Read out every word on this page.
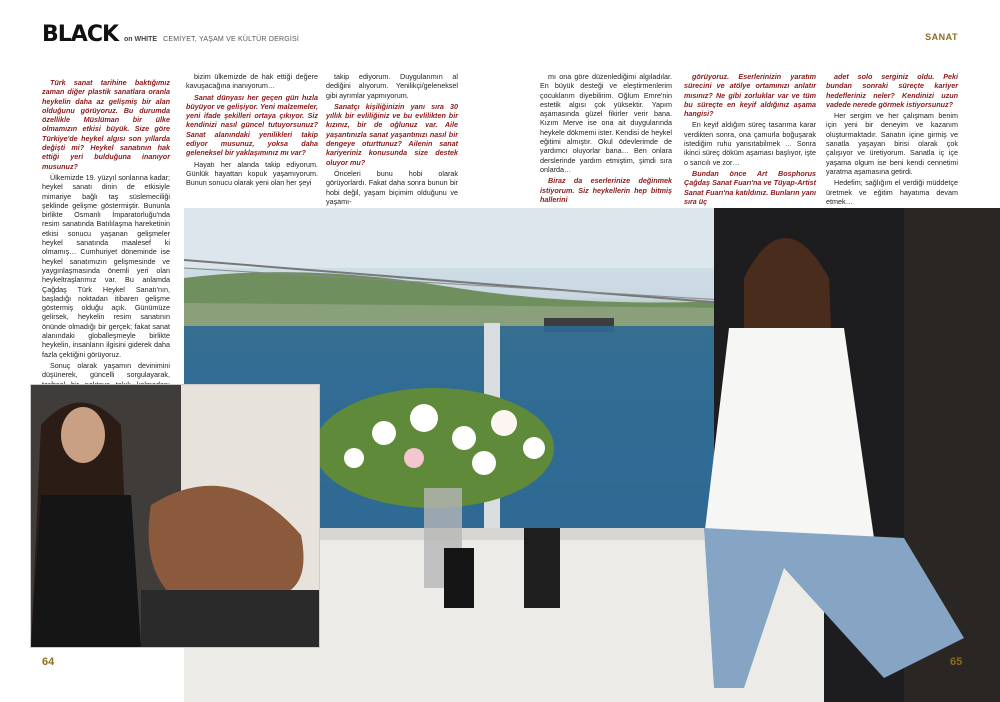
BLACK on WHITE CEMİYET, YAŞAM VE KÜLTÜR DERGİSİ	SANAT

Türk sanat tarihine baktığımız zaman diğer plastik sanatlara oranla heykelin daha az gelişmiş bir alan olduğunu görüyoruz. Bu durumda özellikle Müslüman bir ülke olmamızın etkisi büyük. Size göre Türkiye'de heykel algısı son yıllarda değişti mi? Heykel sanatının hak ettiği yeri bulduğuna inanıyor musunuz?

Ülkemizde 19. yüzyıl sonlarına kadar; heykel sanatı dinin de etkisiyle mimariye bağlı taş süslemeciliği şeklinde gelişme göstermiştir. Bununla birlikte Osmanlı İmparatorluğu'nda resim sanatında Batılılaşma hareketinin etkisi sonucu yaşanan gelişmeler heykel sanatında maalesef ki olmamış… Cumhuriyet döneminde ise heykel sanatımızın gelişmesinde ve yaygınlaşmasında önemli yeri olan heykeltraşlarımız var. Bu anlamda Çağdaş Türk Heykel Sanatı'nın, başladığı noktadan itibaren gelişme göstermiş olduğu açık. Günümüze gelirsek, heykelin resim sanatının önünde olmadığı bir gerçek; fakat sanat alanındaki globalleşmeyle birlikte heykelin, insanların ilgisini giderek daha fazla çektiğini görüyoruz.

Sonuç olarak yaşamın devinimini düşünerek, güncelli sorgulayarak,

bizim ülkemizde de hak ettiği değere kavuşacağına inanıyorum…

Sanat dünyası her geçen gün hızla büyüyor ve gelişiyor. Yeni malzemeler, yeni ifade şekilleri ortaya çıkıyor. Siz kendinizi nasıl güncel tutuyorsunuz? Sanat alanındaki yenilikleri takip ediyor musunuz, yoksa daha geleneksel bir yaklaşımınız mı var?

Hayatı her alanda takip ediyorum. Günlük hayattan kopuk yaşamıyorum. Bunun sonucu olarak yeni olan her şeyi

takip ediyorum. Duygularımın al dediğini alıyorum. Yenilikçi/geleneksel gibi ayrımlar yapmıyorum.

Sanatçı kişiliğinizin yanı sıra 30 yıllık bir evliliğiniz ve bu evlilikten bir kızınız, bir de oğlunuz var. Aile yaşantınızla sanat yaşantınızı nasıl bir dengeye oturttunuz? Ailenin sanat kariyeriniz konusunda size destek oluyor mu?

Önceleri bunu hobi olarak görüyorlardı. Fakat daha sonra bunun bir hobi değil, yaşam biçimim olduğunu ve yaşamı-

mı ona göre düzenlediğimi algıladılar. En büyük desteği ve eleştirmenlerim çocuklarım diyebilirim. Oğlum Emre'nin estetik algısı çok yüksektir. Yapım aşamasında güzel fikirler verir bana. Kızım Merve ise ona ait duygularında heykele dökmemi ister. Kendisi de heykel eğitimi almıştır. Okul ödevlerimde de yardımcı oluyorlar bana… Ben onlara derslerinde yardım etmiştim, şimdi sıra onlarda…

Biraz da eserlerinize değinmek istiyorum. Siz heykellerin hep bitmiş hallerini

görüyoruz. Eserlerinizin yaratım sürecini ve atölye ortamınızı anlatır mısınız? Ne gibi zorluklar var ve tüm bu süreçte en keyif aldığınız aşama hangisi?

En keyif aldığım süreç tasarıma karar verdikten sonra, ona çamurla boğuşarak istediğim ruhu yansıtabilmek … Sonra ikinci süreç döküm aşaması başlıyor, işte o sancılı ve zor…

Bundan önce Art Bosphorus Çağdaş Sanat Fuarı'na ve Tüyap-Artist Sanat Fuarı'na katıldınız. Bunların yanı sıra üç

adet solo serginiz oldu. Peki bundan sonraki süreçte kariyer hedefleriniz neler? Kendinizi uzun vadede nerede görmek istiyorsunuz?

Her sergim ve her çalışmam benim için yeni bir deneyim ve kazanım oluşturmaktadır. Sanatın içine girmiş ve sanatla yaşayan birisi olarak çok çalışıyor ve üretiyorum. Sanatla iç içe yaşama olgum ise beni kendi cennetimi yaratma aşamasına getirdi.

Hedefim; sağlığım el verdiği müddetçe üretmek ve eğitim hayatıma devam etmek…

64	65
